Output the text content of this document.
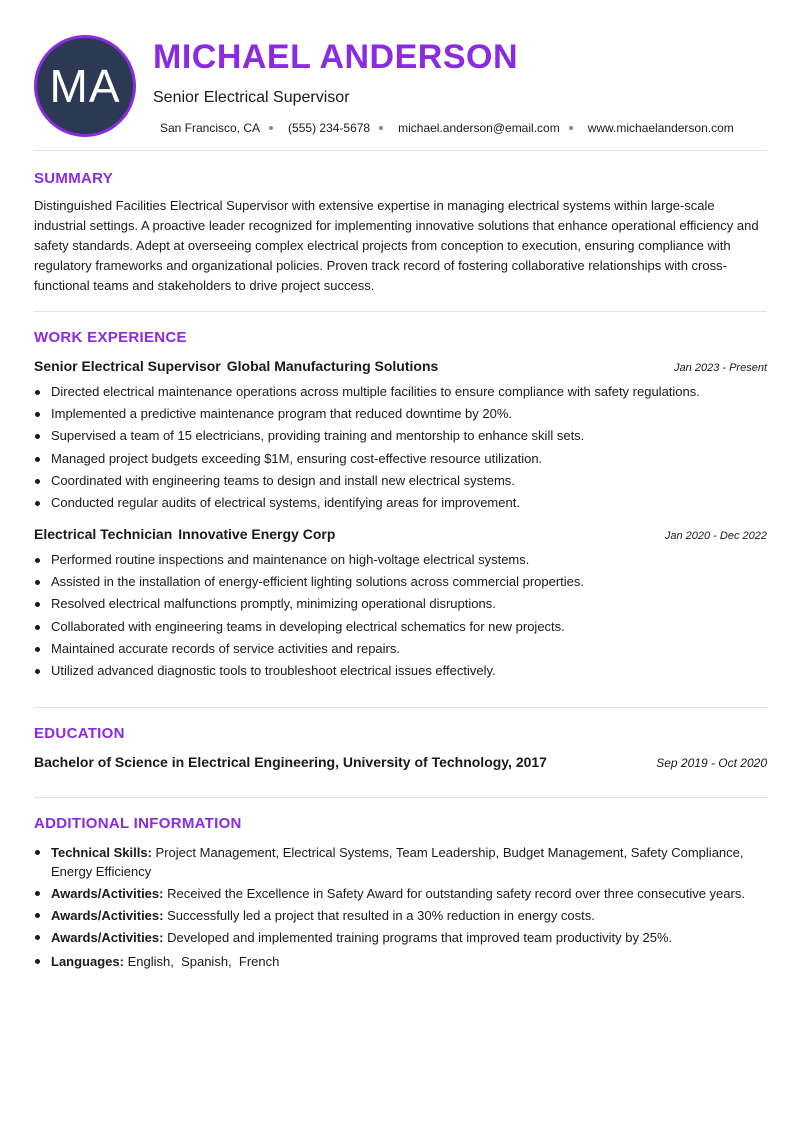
MA
MICHAEL ANDERSON
Senior Electrical Supervisor
San Francisco, CA (555) 234-5678 michael.anderson@email.com www.michaelanderson.com
SUMMARY
Distinguished Facilities Electrical Supervisor with extensive expertise in managing electrical systems within large-scale industrial settings. A proactive leader recognized for implementing innovative solutions that enhance operational efficiency and safety standards. Adept at overseeing complex electrical projects from conception to execution, ensuring compliance with regulatory frameworks and organizational policies. Proven track record of fostering collaborative relationships with cross-functional teams and stakeholders to drive project success.
WORK EXPERIENCE
Senior Electrical Supervisor Global Manufacturing Solutions	Jan 2023 - Present
Directed electrical maintenance operations across multiple facilities to ensure compliance with safety regulations.
Implemented a predictive maintenance program that reduced downtime by 20%.
Supervised a team of 15 electricians, providing training and mentorship to enhance skill sets.
Managed project budgets exceeding $1M, ensuring cost-effective resource utilization.
Coordinated with engineering teams to design and install new electrical systems.
Conducted regular audits of electrical systems, identifying areas for improvement.
Electrical Technician Innovative Energy Corp	Jan 2020 - Dec 2022
Performed routine inspections and maintenance on high-voltage electrical systems.
Assisted in the installation of energy-efficient lighting solutions across commercial properties.
Resolved electrical malfunctions promptly, minimizing operational disruptions.
Collaborated with engineering teams in developing electrical schematics for new projects.
Maintained accurate records of service activities and repairs.
Utilized advanced diagnostic tools to troubleshoot electrical issues effectively.
EDUCATION
Bachelor of Science in Electrical Engineering, University of Technology, 2017	Sep 2019 - Oct 2020
ADDITIONAL INFORMATION
Technical Skills: Project Management, Electrical Systems, Team Leadership, Budget Management, Safety Compliance, Energy Efficiency
Awards/Activities: Received the Excellence in Safety Award for outstanding safety record over three consecutive years.
Awards/Activities: Successfully led a project that resulted in a 30% reduction in energy costs.
Awards/Activities: Developed and implemented training programs that improved team productivity by 25%.
Languages: English,  Spanish,  French
